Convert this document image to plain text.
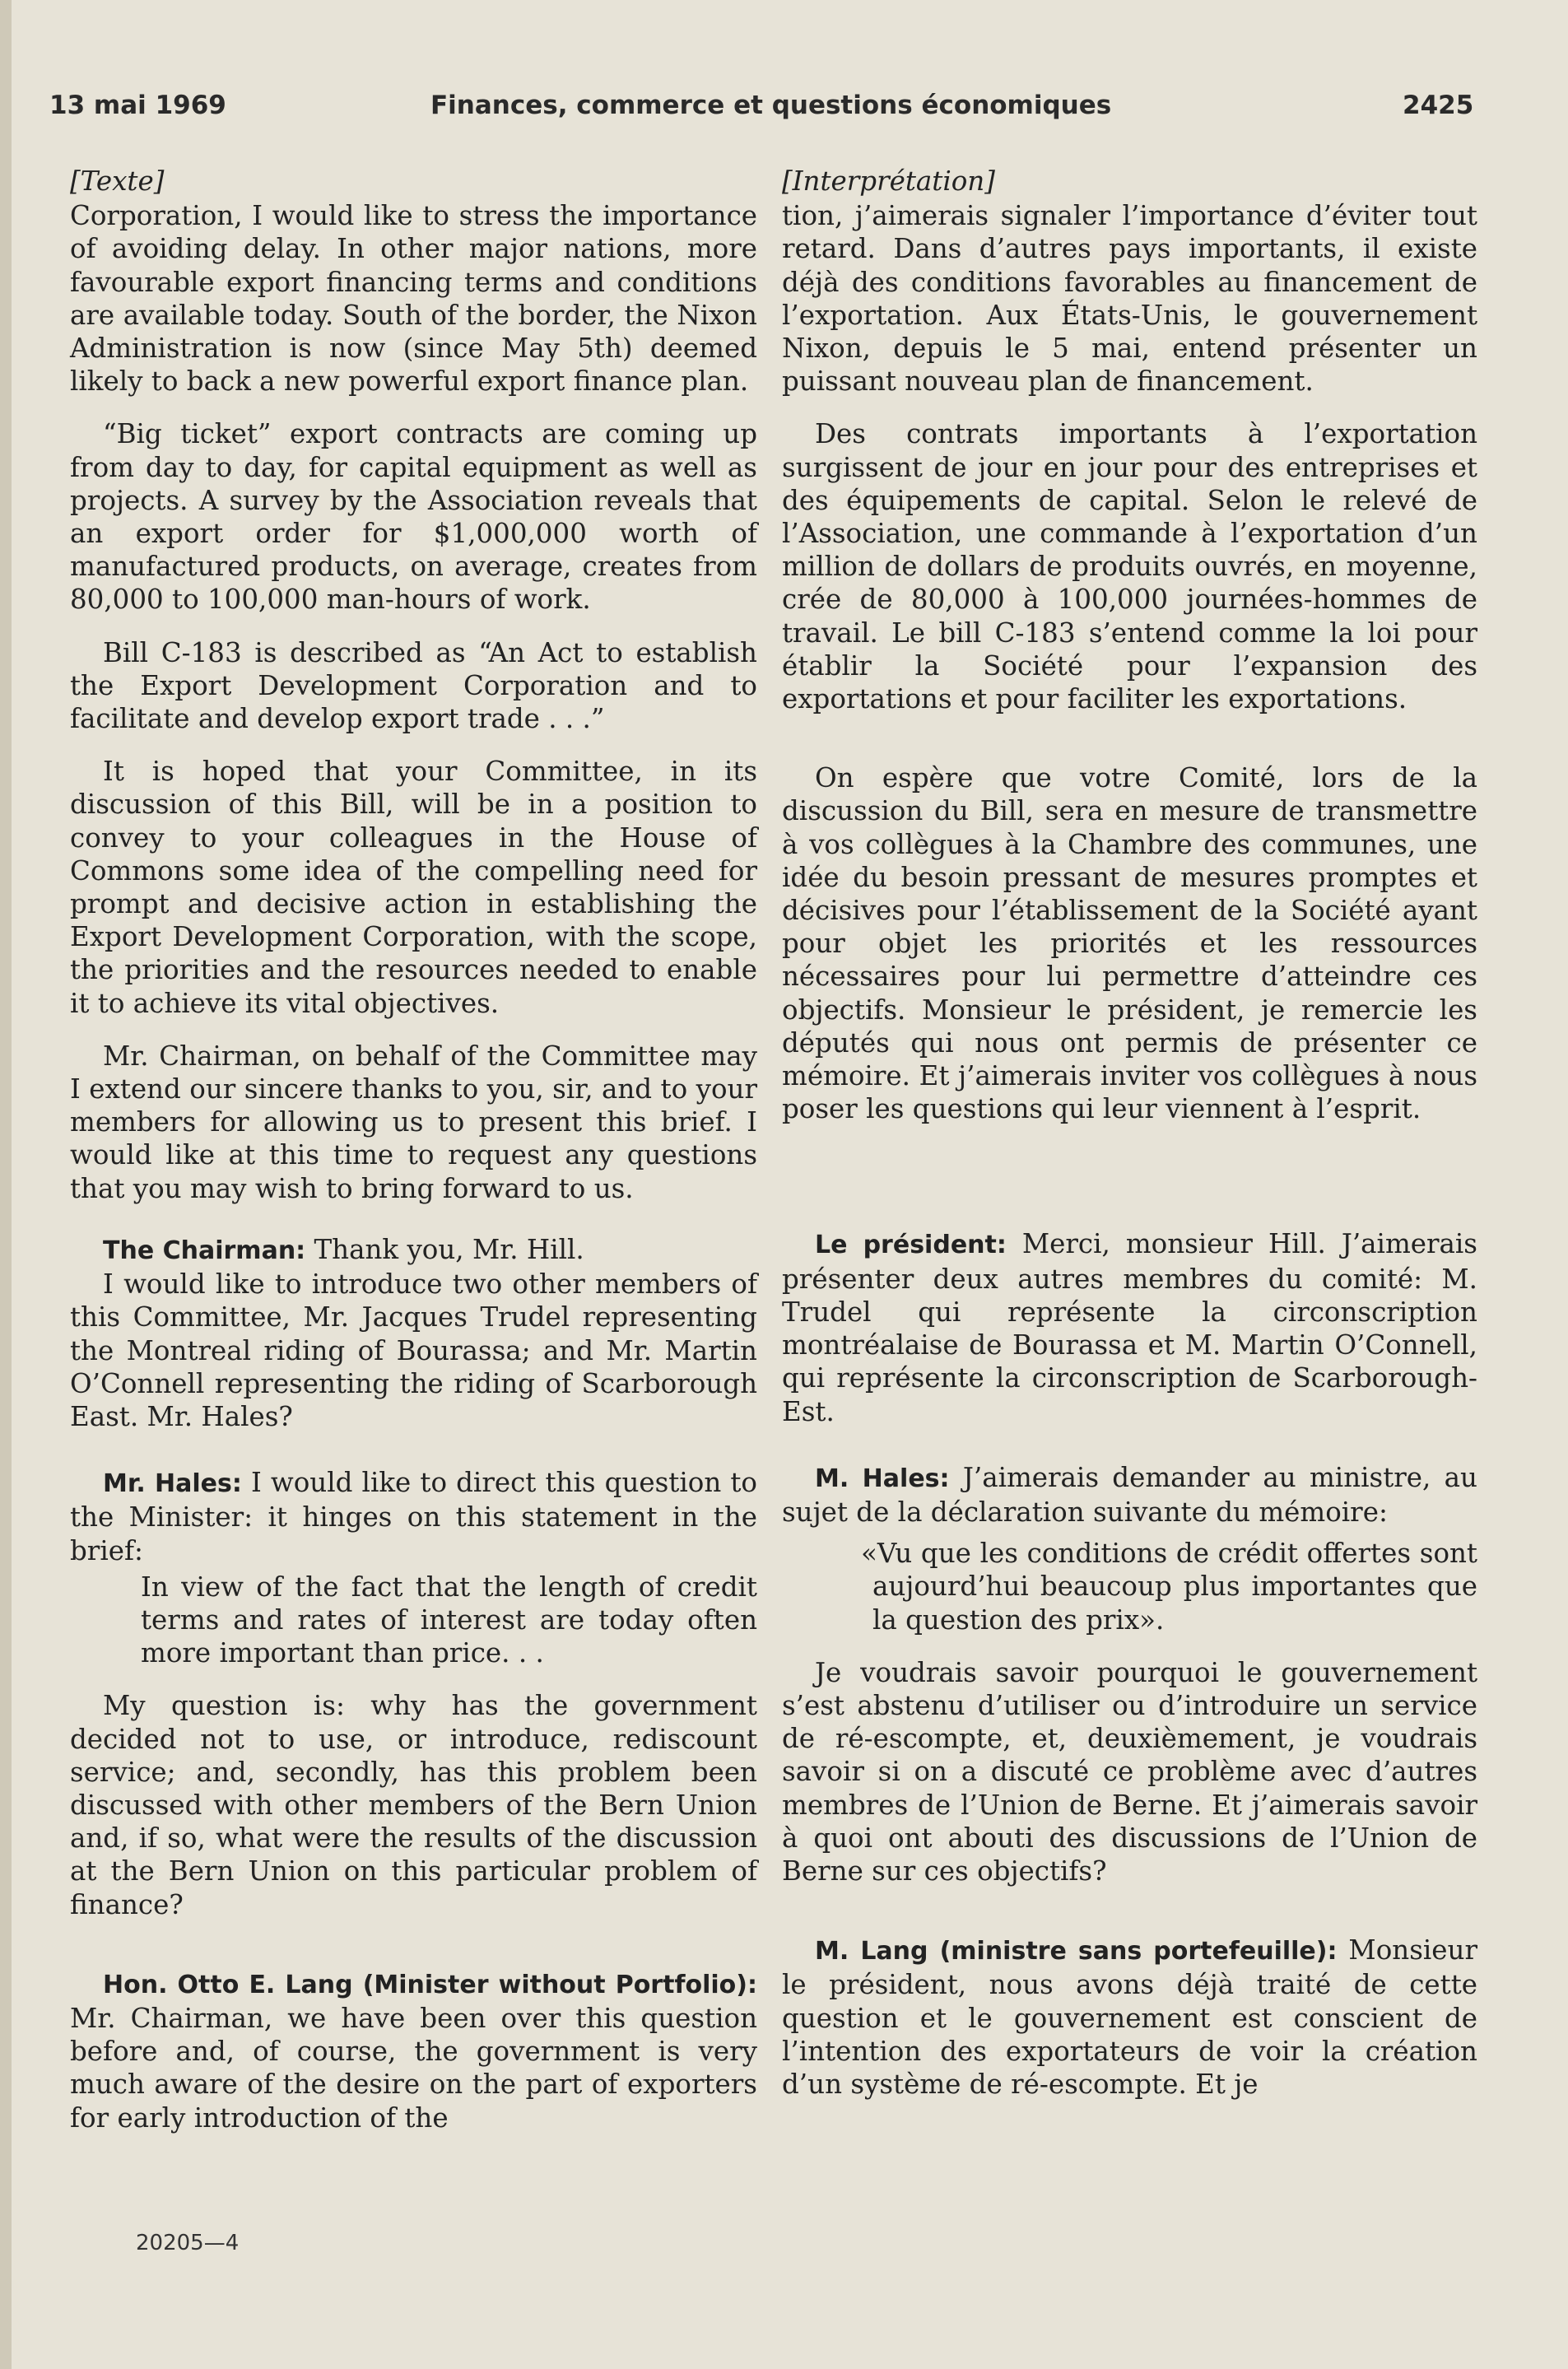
13 mai 1969	Finances, commerce et questions économiques	2425
[Texte]

Corporation, I would like to stress the importance of avoiding delay. In other major nations, more favourable export financing terms and conditions are available today. South of the border, the Nixon Administration is now (since May 5th) deemed likely to back a new powerful export finance plan.

“Big ticket” export contracts are coming up from day to day, for capital equipment as well as projects. A survey by the Association reveals that an export order for $1,000,000 worth of manufactured products, on average, creates from 80,000 to 100,000 man-hours of work.

Bill C-183 is described as “An Act to establish the Export Development Corporation and to facilitate and develop export trade . . .”

It is hoped that your Committee, in its discussion of this Bill, will be in a position to convey to your colleagues in the House of Commons some idea of the compelling need for prompt and decisive action in establishing the Export Development Corporation, with the scope, the priorities and the resources needed to enable it to achieve its vital objectives.

Mr. Chairman, on behalf of the Committee may I extend our sincere thanks to you, sir, and to your members for allowing us to present this brief. I would like at this time to request any questions that you may wish to bring forward to us.

The Chairman: Thank you, Mr. Hill.

I would like to introduce two other members of this Committee, Mr. Jacques Trudel representing the Montreal riding of Bourassa; and Mr. Martin O’Connell representing the riding of Scarborough East. Mr. Hales?

Mr. Hales: I would like to direct this question to the Minister: it hinges on this statement in the brief:

In view of the fact that the length of credit terms and rates of interest are today often more important than price. . .

My question is: why has the government decided not to use, or introduce, rediscount service; and, secondly, has this problem been discussed with other members of the Bern Union and, if so, what were the results of the discussion at the Bern Union on this particular problem of finance?

Hon. Otto E. Lang (Minister without Portfolio): Mr. Chairman, we have been over this question before and, of course, the government is very much aware of the desire on the part of exporters for early introduction of the

[Interprétation]

tion, j’aimerais signaler l’importance d’éviter tout retard. Dans d’autres pays importants, il existe déjà des conditions favorables au financement de l’exportation. Aux États-Unis, le gouvernement Nixon, depuis le 5 mai, entend présenter un puissant nouveau plan de financement.

Des contrats importants à l’exportation surgissent de jour en jour pour des entreprises et des équipements de capital. Selon le relevé de l’Association, une commande à l’exportation d’un million de dollars de produits ouvrés, en moyenne, crée de 80,000 à 100,000 journées-hommes de travail. Le bill C-183 s’entend comme la loi pour établir la Société pour l’expansion des exportations et pour faciliter les exportations.

On espère que votre Comité, lors de la discussion du Bill, sera en mesure de transmettre à vos collègues à la Chambre des communes, une idée du besoin pressant de mesures promptes et décisives pour l’établissement de la Société ayant pour objet les priorités et les ressources nécessaires pour lui permettre d’atteindre ces objectifs. Monsieur le président, je remercie les députés qui nous ont permis de présenter ce mémoire. Et j’aimerais inviter vos collègues à nous poser les questions qui leur viennent à l’esprit.

Le président: Merci, monsieur Hill. J’aimerais présenter deux autres membres du comité: M. Trudel qui représente la circonscription montréalaise de Bourassa et M. Martin O’Connell, qui représente la circonscription de Scarborough-Est.

M. Hales: J’aimerais demander au ministre, au sujet de la déclaration suivante du mémoire:

«Vu que les conditions de crédit offertes sont aujourd’hui beaucoup plus importantes que la question des prix».

Je voudrais savoir pourquoi le gouvernement s’est abstenu d’utiliser ou d’introduire un service de ré-escompte, et, deuxièmement, je voudrais savoir si on a discuté ce problème avec d’autres membres de l’Union de Berne. Et j’aimerais savoir à quoi ont abouti des discussions de l’Union de Berne sur ces objectifs?

M. Lang (ministre sans portefeuille): Monsieur le président, nous avons déjà traité de cette question et le gouvernement est conscient de l’intention des exportateurs de voir la création d’un système de ré-escompte. Et je

20205—4
